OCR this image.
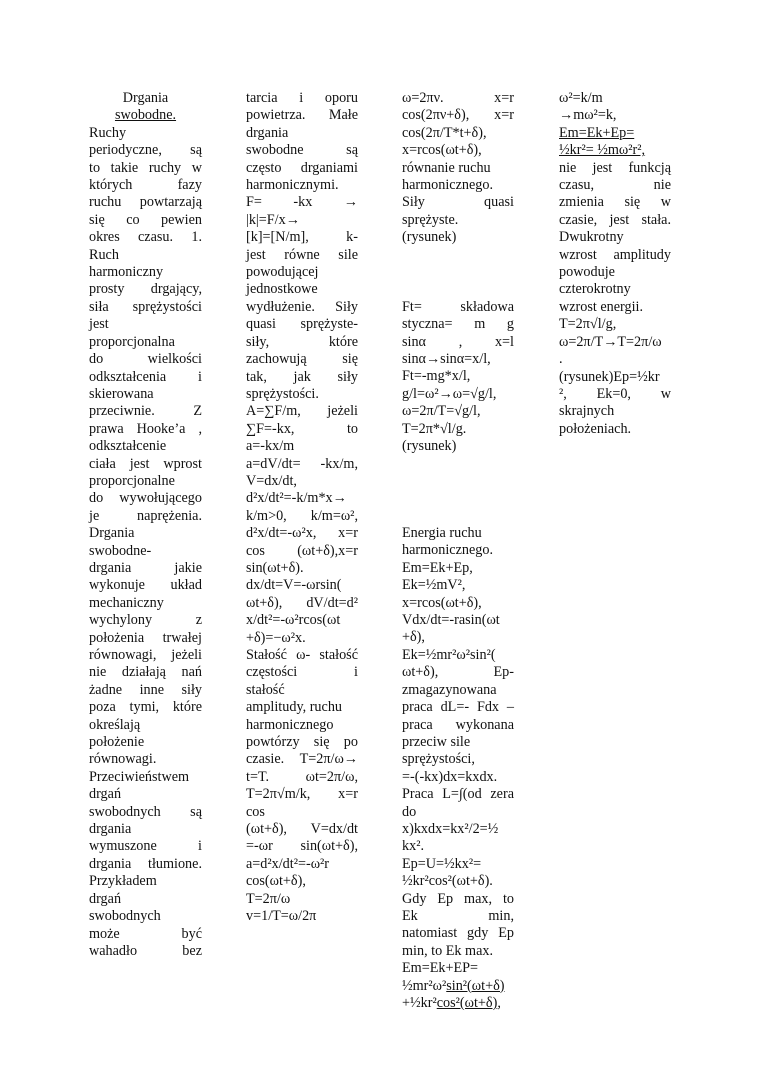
Drgania

swobodne.

Ruchy

periodyczne, są

to takie ruchy w

których fazy

ruchu powtarzają

się co pewien

okres czasu. 1.

Ruch

harmoniczny

prosty drgający,

siła sprężystości

jest

proporcjonalna

do wielkości

odkształcenia i

skierowana

przeciwnie. Z

prawa Hooke’a ,

odkształcenie

ciała jest wprost

proporcjonalne

do wywołującego

je naprężenia.

Drgania

swobodne-

drgania jakie

wykonuje układ

mechaniczny

wychylony z

położenia trwałej

równowagi, jeżeli

nie działają nań

żadne inne siły

poza tymi, które

określają

położenie

równowagi.

Przeciwieństwem

drgań

swobodnych są

drgania

wymuszone i

drgania tłumione.

Przykładem

drgań

swobodnych

może być

wahadło bez

tarcia i oporu

powietrza. Małe

drgania

swobodne są

często drganiami

harmonicznymi.

F= -kx →

|k|=F/x→

[k]=[N/m], k-

jest równe sile

powodującej

jednostkowe

wydłużenie. Siły

quasi sprężyste-

siły, które

zachowują się

tak, jak siły

sprężystości.

A=∑F/m, jeżeli

∑F=-kx, to

a=-kx/m

a=dV/dt= -kx/m,

V=dx/dt,

d²x/dt²=-k/m*x→

k/m>0, k/m=ω²,

d²x/dt=-ω²x, x=r

cos (ωt+δ),x=r

sin(ωt+δ).

dx/dt=V=-ωrsin(

ωt+δ), dV/dt=d²

x/dt²=-ω²rcos(ωt

+δ)=−ω²x.

Stałość ω- stałość

częstości i

stałość

amplitudy, ruchu

harmonicznego

powtórzy się po

czasie. T=2π/ω→

t=T. ωt=2π/ω,

T=2π√m/k, x=r

cos

(ωt+δ), V=dx/dt

=-ωr sin(ωt+δ),

a=d²x/dt²=-ω²r

cos(ωt+δ),

T=2π/ω

v=1/T=ω/2π

ω=2πν. x=r

cos(2πν+δ), x=r

cos(2π/T*t+δ),

x=rcos(ωt+δ),

równanie ruchu

harmonicznego.

Siły quasi

sprężyste.

(rysunek)

Ft= składowa

styczna= m g

sinα , x=l

sinα→sinα=x/l,

Ft=-mg*x/l,

g/l=ω²→ω=√g/l,

ω=2π/T=√g/l,

T=2π*√l/g.

(rysunek)

Energia ruchu

harmonicznego.

Em=Ek+Ep,

Ek=½mV²,

x=rcos(ωt+δ),

Vdx/dt=-rasin(ωt

+δ),

Ek=½mr²ω²sin²(

ωt+δ), Ep-

zmagazynowana

praca dL=- Fdx –

praca wykonana

przeciw sile

sprężystości,

=-(-kx)dx=kxdx.

Praca L=∫(od zera

do

x)kxdx=kx²/2=½

kx².

Ep=U=½kx²=

½kr²cos²(ωt+δ).

Gdy Ep max, to

Ek min,

natomiast gdy Ep

min, to Ek max.

Em=Ek+EP=

½mr²ω²sin²(ωt+δ)

+½kr²cos²(ωt+δ),

ω²=k/m

→mω²=k,

Em=Ek+Ep=

½kr²= ½mω²r²,

nie jest funkcją

czasu, nie

zmienia się w

czasie, jest stała.

Dwukrotny

wzrost amplitudy

powoduje

czterokrotny

wzrost energii.

T=2π√l/g,

ω=2π/T→T=2π/ω

.

(rysunek)Ep=½kr

², Ek=0, w

skrajnych

położeniach.
